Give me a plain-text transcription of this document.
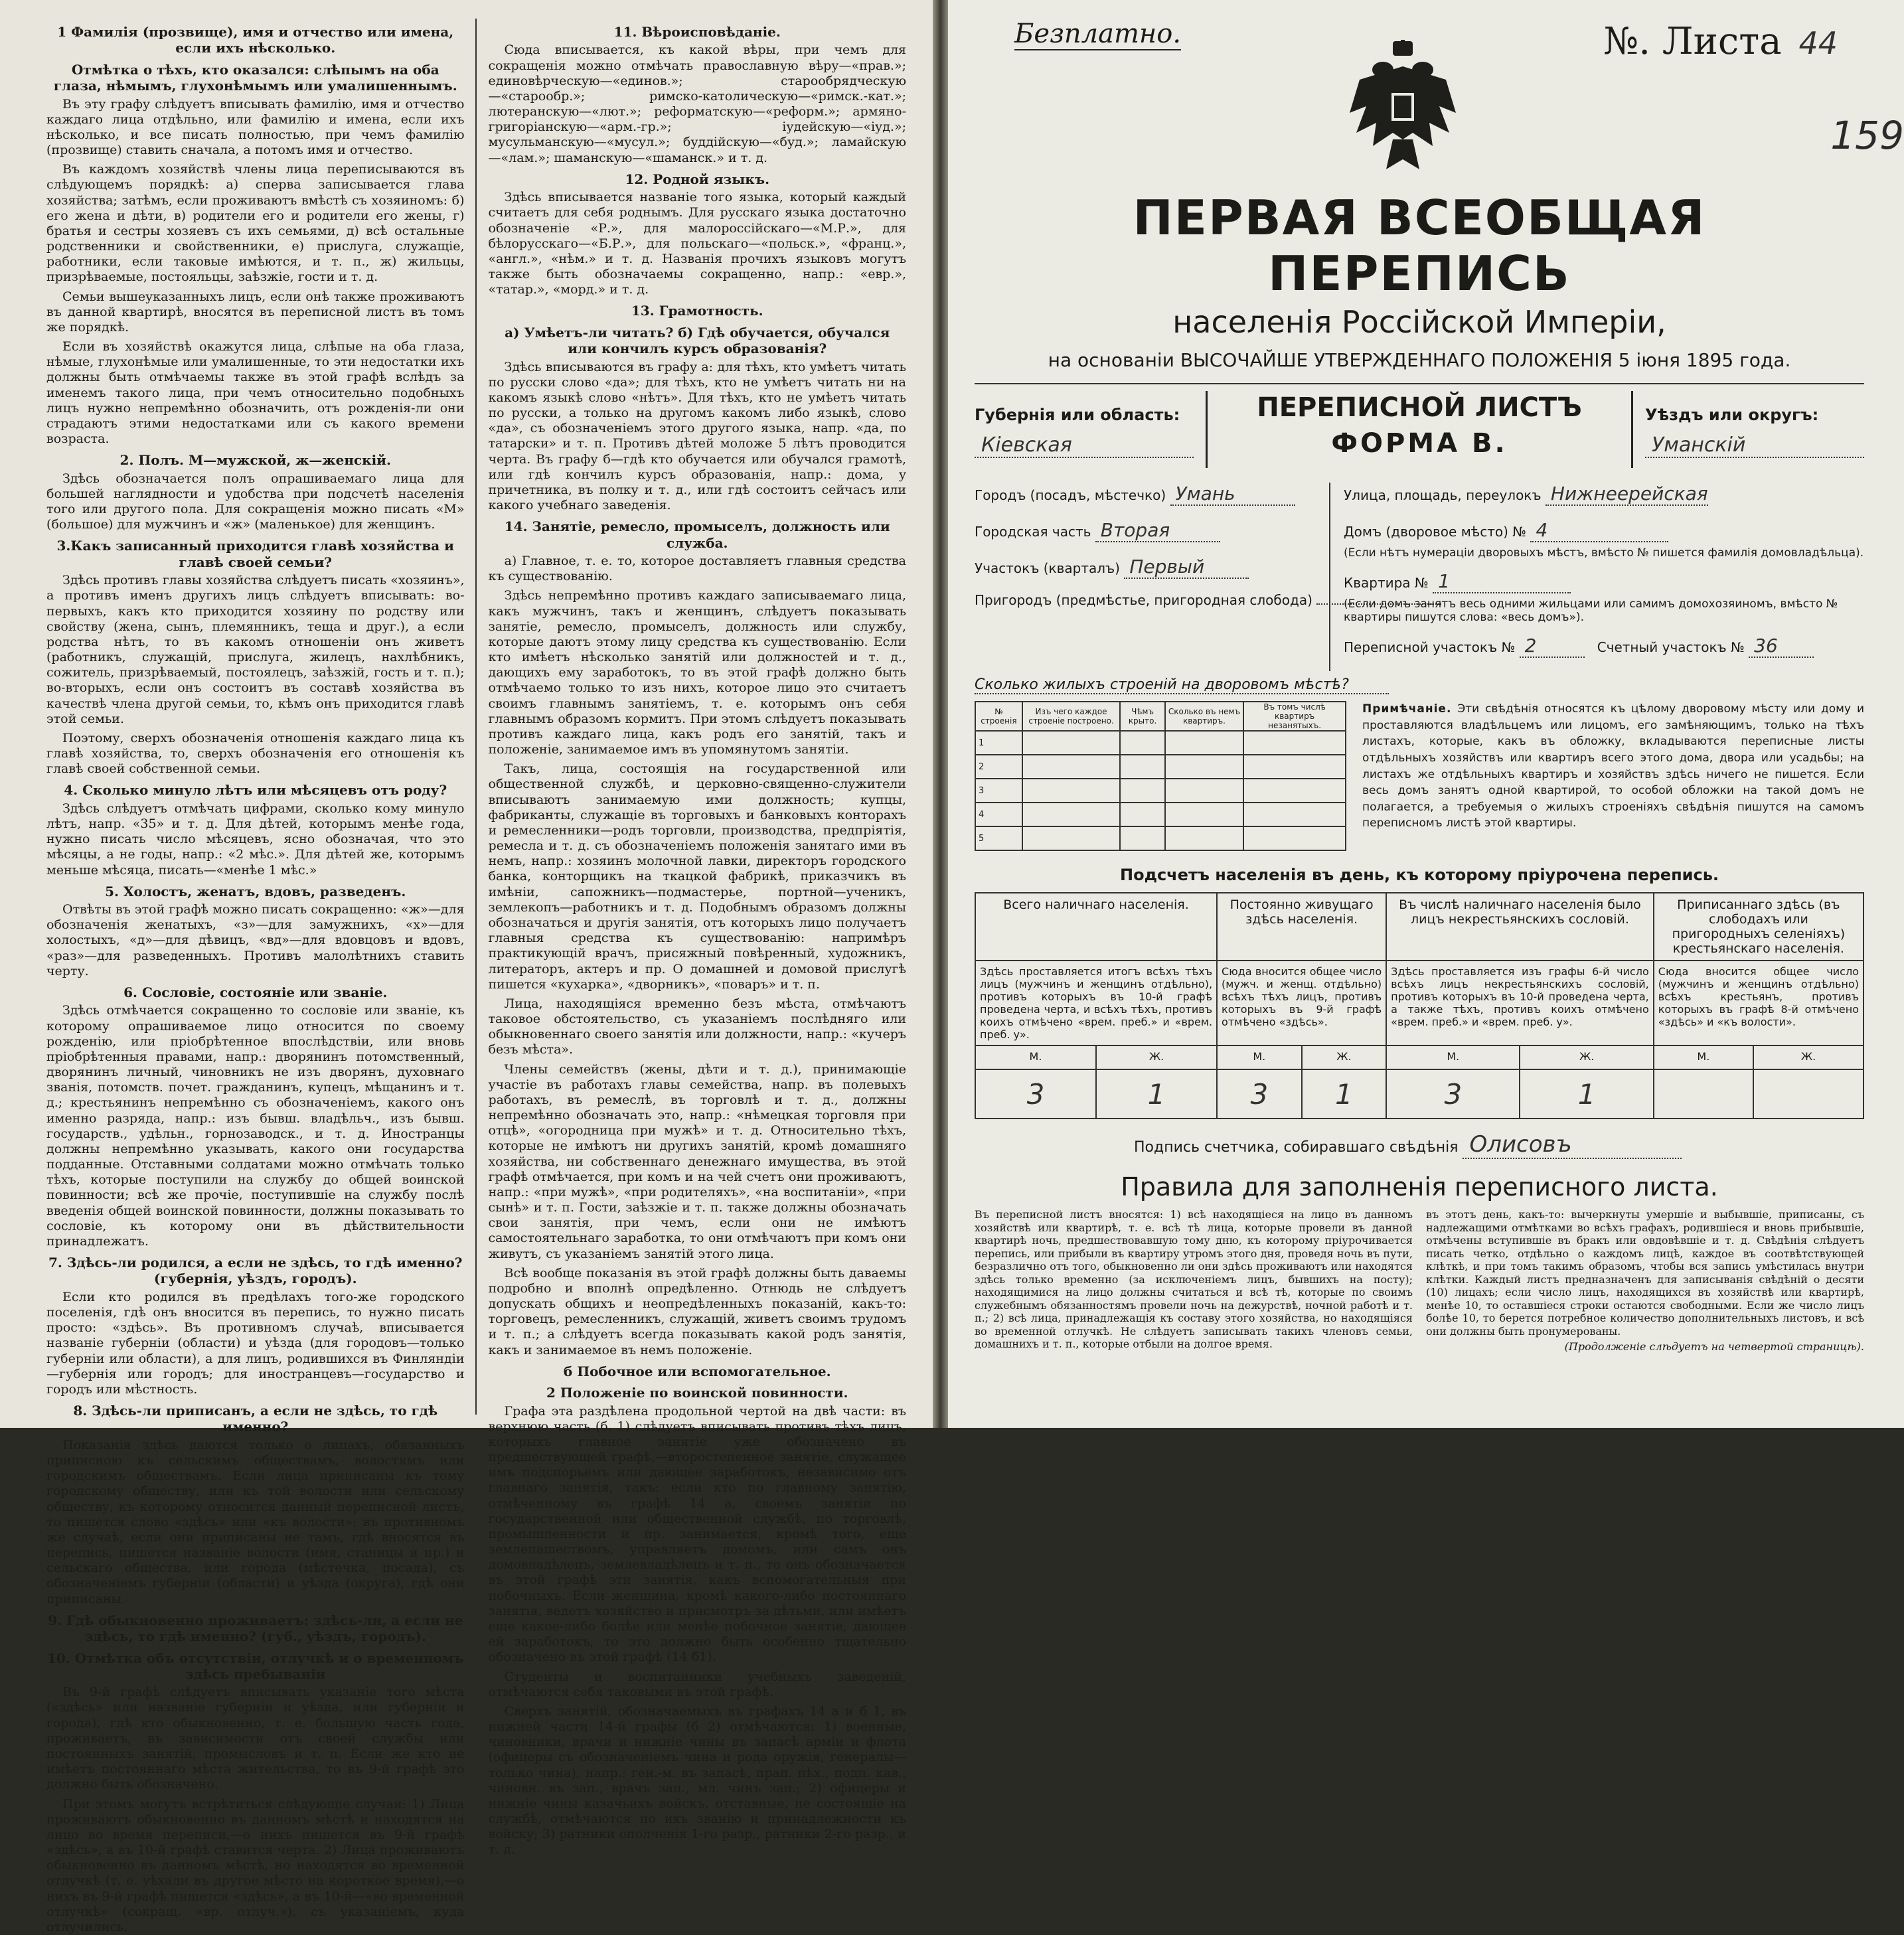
1 Фамилія (прозвище), имя и отчество или имена, если ихъ нѣсколько.
Отмѣтка о тѣхъ, кто оказался: слѣпымъ на оба глаза, нѣмымъ, глухонѣмымъ или умалишеннымъ.
Въ эту графу слѣдуетъ вписывать фамилію, имя и отчество каждаго лица отдѣльно, или фамилію и имена, если ихъ нѣсколько, и все писать полностью, при чемъ фамилію (прозвище) ставить сначала, а потомъ имя и отчество.
Въ каждомъ хозяйствѣ члены лица переписываются въ слѣдующемъ порядкѣ: а) сперва записывается глава хозяйства; затѣмъ, если проживаютъ вмѣстѣ съ хозяиномъ: б) его жена и дѣти, в) родители его и родители его жены, г) братья и сестры хозяевъ съ ихъ семьями, д) всѣ остальные родственники и свойственники, е) прислуга, служащіе, работники, если таковые имѣются, и т. п., ж) жильцы, призрѣваемые, постояльцы, заѣзжіе, гости и т. д.
Семьи вышеуказанныхъ лицъ, если онѣ также проживаютъ въ данной квартирѣ, вносятся въ переписной листъ въ томъ же порядкѣ.
Если въ хозяйствѣ окажутся лица, слѣпые на оба глаза, нѣмые, глухонѣмые или умалишенные, то эти недостатки ихъ должны быть отмѣчаемы также въ этой графѣ вслѣдъ за именемъ такого лица, при чемъ относительно подобныхъ лицъ нужно непремѣнно обозначить, отъ рожденія-ли они страдаютъ этими недостатками или съ какого времени возраста.
2. Полъ. М—мужской, ж—женскій.
Здѣсь обозначается полъ опрашиваемаго лица для большей наглядности и удобства при подсчетѣ населенія того или другого пола. Для сокращенія можно писать «М» (большое) для мужчинъ и «ж» (маленькое) для женщинъ.
3.Какъ записанный приходится главѣ хозяйства и главѣ своей семьи?
Здѣсь противъ главы хозяйства слѣдуетъ писать «хозяинъ», а противъ именъ другихъ лицъ слѣдуетъ вписывать: во-первыхъ, какъ кто приходится хозяину по родству или свойству (жена, сынъ, племянникъ, теща и друг.), а если родства нѣтъ, то въ какомъ отношеніи онъ живетъ (работникъ, служащій, прислуга, жилецъ, нахлѣбникъ, сожитель, призрѣваемый, постоялецъ, заѣзжій, гость и т. п.); во-вторыхъ, если онъ состоитъ въ составѣ хозяйства въ качествѣ члена другой семьи, то, кѣмъ онъ приходится главѣ этой семьи.
Поэтому, сверхъ обозначенія отношенія каждаго лица къ главѣ хозяйства, то, сверхъ обозначенія его отношенія къ главѣ своей собственной семьи.
4. Сколько минуло лѣтъ или мѣсяцевъ отъ роду?
Здѣсь слѣдуетъ отмѣчать цифрами, сколько кому минуло лѣтъ, напр. «35» и т. д. Для дѣтей, которымъ менѣе года, нужно писать число мѣсяцевъ, ясно обозначая, что это мѣсяцы, а не годы, напр.: «2 мѣс.». Для дѣтей же, которымъ меньше мѣсяца, писать—«менѣе 1 мѣс.»
5. Холостъ, женатъ, вдовъ, разведенъ.
Отвѣты въ этой графѣ можно писать сокращенно: «ж»—для обозначенія женатыхъ, «з»—для замужнихъ, «х»—для холостыхъ, «д»—для дѣвицъ, «вд»—для вдовцовъ и вдовъ, «раз»—для разведенныхъ. Противъ малолѣтнихъ ставить черту.
6. Сословіе, состояніе или званіе.
Здѣсь отмѣчается сокращенно то сословіе или званіе, къ которому опрашиваемое лицо относится по своему рожденію, или пріобрѣтенное впослѣдствіи, или вновь пріобрѣтенныя правами, напр.: дворянинъ потомственный, дворянинъ личный, чиновникъ не изъ дворянъ, духовнаго званія, потомств. почет. гражданинъ, купецъ, мѣщанинъ и т. д.; крестьянинъ непремѣнно съ обозначеніемъ, какого онъ именно разряда, напр.: изъ бывш. владѣльч., изъ бывш. государств., удѣльн., горнозаводск., и т. д. Иностранцы должны непремѣнно указывать, какого они государства подданные. Отставными солдатами можно отмѣчать только тѣхъ, которые поступили на службу до общей воинской повинности; всѣ же прочіе, поступившіе на службу послѣ введенія общей воинской повинности, должны показывать то сословіе, къ которому они въ дѣйствительности принадлежатъ.
7. Здѣсь-ли родился, а если не здѣсь, то гдѣ именно? (губернія, уѣздъ, городъ).
Если кто родился въ предѣлахъ того-же городского поселенія, гдѣ онъ вносится въ перепись, то нужно писать просто: «здѣсь». Въ противномъ случаѣ, вписывается названіе губерніи (области) и уѣзда (для городовъ—только губерніи или области), а для лицъ, родившихся въ Финляндіи—губернія или городъ; для иностранцевъ—государство и городъ или мѣстность.
8. Здѣсь-ли приписанъ, а если не здѣсь, то гдѣ именно?
Показанія здѣсь даются только о лицахъ, обязанныхъ приписною къ сельскимъ обществамъ, волостямъ или городскимъ обществамъ. Если лица приписаны къ тому городскому обществу, или къ той волости или сельскому обществу, къ которому относится данный переписной листъ, то пишется слово «здѣсь» или «къ волости»; въ противномъ же случаѣ, если они приписаны не тамъ, гдѣ вносятся въ перепись, пишется названіе волости (имя, станицы и пр.) и сельскаго общества, или города (мѣстечка, посада), съ обозначеніемъ губерніи (области) и уѣзда (округа), гдѣ они приписаны.
9. Гдѣ обыкновенно проживаетъ: здѣсь-ли, а если не здѣсь, то гдѣ именно? (губ., уѣздъ, городъ).
10. Отмѣтка объ отсутствіи, отлучкѣ и о временномъ здѣсь пребываніи
Въ 9-й графѣ слѣдуетъ вписывать указаніе того мѣста («здѣсь» или названіе губерніи и уѣзда, или губерніи и города), гдѣ кто обыкновенно, т. е. большую часть года, проживаетъ, въ зависимости отъ своей службы или постоянныхъ занятій, промысловъ и т. п. Если же кто не имѣетъ постояннаго мѣста жительства, то въ 9-й графѣ это должно быть обозначено.
При этомъ могутъ встрѣтиться слѣдующіе случаи: 1) Лица проживаютъ обыкновенно въ данномъ мѣстѣ и находятся на лицо во время переписи,—о нихъ пишется въ 9-й графѣ «здѣсь», а въ 10-й графѣ ставится черта. 2) Лица проживаютъ обыкновенно въ данномъ мѣстѣ, но находятся во временной отлучкѣ (т. е. уѣхали въ другое мѣсто на короткое время),—о нихъ въ 9-й графѣ пишется «здѣсь», а въ 10-й—«во временной отлучкѣ» (сокращ. «вр. отлуч.»), съ указаніемъ, куда отлучились.
11. Вѣроисповѣданіе.
Сюда вписывается, къ какой вѣры, при чемъ для сокращенія можно отмѣчать православную вѣру—«прав.»; единовѣрческую—«единов.»; старообрядческую—«старообр.»; римско-католическую—«римск.-кат.»; лютеранскую—«лют.»; реформатскую—«реформ.»; армяно-григоріанскую—«арм.-гр.»; іудейскую—«іуд.»; мусульманскую—«мусул.»; буддійскую—«буд.»; ламайскую—«лам.»; шаманскую—«шаманск.» и т. д.
12. Родной языкъ.
Здѣсь вписывается названіе того языка, который каждый считаетъ для себя роднымъ. Для русскаго языка достаточно обозначеніе «Р.», для малороссійскаго—«М.Р.», для бѣлорусскаго—«Б.Р.», для польскаго—«польск.», «франц.», «англ.», «нѣм.» и т. д. Названія прочихъ языковъ могутъ также быть обозначаемы сокращенно, напр.: «евр.», «татар.», «морд.» и т. д.
13. Грамотность.
а) Умѣетъ-ли читать? б) Гдѣ обучается, обучался или кончилъ курсъ образованія?
Здѣсь вписываются въ графу а: для тѣхъ, кто умѣетъ читать по русски слово «да»; для тѣхъ, кто не умѣетъ читать ни на какомъ языкѣ слово «нѣтъ». Для тѣхъ, кто не умѣетъ читать по русски, а только на другомъ какомъ либо языкѣ, слово «да», съ обозначеніемъ этого другого языка, напр. «да, по татарски» и т. п. Противъ дѣтей моложе 5 лѣтъ проводится черта. Въ графу б—гдѣ кто обучается или обучался грамотѣ, или гдѣ кончилъ курсъ образованія, напр.: дома, у причетника, въ полку и т. д., или гдѣ состоитъ сейчасъ или какого учебнаго заведенія.
14. Занятіе, ремесло, промыселъ, должность или служба.
а) Главное, т. е. то, которое доставляетъ главныя средства къ существованію.
Здѣсь непремѣнно противъ каждаго записываемаго лица, какъ мужчинъ, такъ и женщинъ, слѣдуетъ показывать занятіе, ремесло, промыселъ, должность или службу, которые даютъ этому лицу средства къ существованію. Если кто имѣетъ нѣсколько занятій или должностей и т. д., дающихъ ему заработокъ, то въ этой графѣ должно быть отмѣчаемо только то изъ нихъ, которое лицо это считаетъ своимъ главнымъ занятіемъ, т. е. которымъ онъ себя главнымъ образомъ кормитъ. При этомъ слѣдуетъ показывать противъ каждаго лица, какъ родъ его занятій, такъ и положеніе, занимаемое имъ въ упомянутомъ занятіи.
Такъ, лица, состоящія на государственной или общественной службѣ, и церковно-священно-служители вписываютъ занимаемую ими должность; купцы, фабриканты, служащіе въ торговыхъ и банковыхъ конторахъ и ремесленники—родъ торговли, производства, предпріятія, ремесла и т. д. съ обозначеніемъ положенія занятаго ими въ немъ, напр.: хозяинъ молочной лавки, директоръ городского банка, конторщикъ на ткацкой фабрикѣ, приказчикъ въ имѣніи, сапожникъ—подмастерье, портной—ученикъ, землекопъ—работникъ и т. д. Подобнымъ образомъ должны обозначаться и другія занятія, отъ которыхъ лицо получаетъ главныя средства къ существованію: напримѣръ практикующій врачъ, присяжный повѣренный, художникъ, литераторъ, актеръ и пр. О домашней и домовой прислугѣ пишется «кухарка», «дворникъ», «поваръ» и т. п.
Лица, находящіяся временно безъ мѣста, отмѣчаютъ таковое обстоятельство, съ указаніемъ послѣдняго или обыкновеннаго своего занятія или должности, напр.: «кучеръ безъ мѣста».
Члены семействъ (жены, дѣти и т. д.), принимающіе участіе въ работахъ главы семейства, напр. въ полевыхъ работахъ, въ ремеслѣ, въ торговлѣ и т. д., должны непремѣнно обозначать это, напр.: «нѣмецкая торговля при отцѣ», «огородница при мужѣ» и т. д. Относительно тѣхъ, которые не имѣютъ ни другихъ занятій, кромѣ домашняго хозяйства, ни собственнаго денежнаго имущества, въ этой графѣ отмѣчается, при комъ и на чей счетъ они проживаютъ, напр.: «при мужѣ», «при родителяхъ», «на воспитаніи», «при сынѣ» и т. п. Гости, заѣзжіе и т. п. также должны обозначать свои занятія, при чемъ, если они не имѣютъ самостоятельнаго заработка, то они отмѣчаютъ при комъ они живутъ, съ указаніемъ занятій этого лица.
Всѣ вообще показанія въ этой графѣ должны быть даваемы подробно и вполнѣ опредѣленно. Отнюдь не слѣдуетъ допускать общихъ и неопредѣленныхъ показаній, какъ-то: торговецъ, ремесленникъ, служащій, живетъ своимъ трудомъ и т. п.; а слѣдуетъ всегда показывать какой родъ занятія, какъ и занимаемое въ немъ положеніе.
б Побочное или вспомогательное.
2 Положеніе по воинской повинности.
Графа эта раздѣлена продольной чертой на двѣ части: въ верхнюю часть (б. 1) слѣдуетъ вписывать противъ тѣхъ лицъ, которыхъ главное занятіе уже обозначено въ предшествующей графѣ,—второстепенное занятіе, служащее имъ подспорьемъ или дающее заработокъ, независимо отъ главнаго занятія, такъ: если кто по главному занятію, отмѣченному въ графѣ 14 а, своемъ занятіи по государственной или общественной службѣ, по торговлѣ, промышленности и пр. занимается, кромѣ того, еще землепашествомъ, управляетъ домомъ, или самъ онъ домовладѣлецъ, землевладѣлецъ и т. п., то онъ обозначается въ этой графѣ эти занятія, какъ вспомогательныя при побочныхъ. Если женщина, кромѣ какого-либо постояннаго занятія, ведетъ хозяйство и присмотръ за дѣтьми, или имѣетъ еще какое-либо болѣе или менѣе побочное занятіе, дающее ей заработокъ, то это должно быть особенно тщательно обозначено въ этой графѣ (14 б1).
Студенты и воспитанники учебныхъ заведеній, отмѣчаются себя таковыми въ этой графѣ.
Сверхъ занятій, обозначаемыхъ въ графахъ 14 а и б 1, въ нижней части 14-й графы (б 2) отмѣчаются: 1) военные, чиновники, врачи и нижніе чины въ запасѣ арміи и флота (офицеры съ обозначеніемъ чина и рода оружія, генералы—только чина), напр.: ген.-м. въ запасѣ, прап. пѣх., подп. кав., чиновн. въ зап., врачъ зап., мл. чинъ зап.; 2) офицеры и нижніе чины казачьихъ войскъ, отставные, не состоящіе на службѣ, отмѣчаются по ихъ званію и принадлежности къ войску; 3) ратники ополченія 1-го разр., ратники 2-го разр., и т. д.
Безплатно.	№. Листа 44
159
ПЕРВАЯ ВСЕОБЩАЯ ПЕРЕПИСЬ
населенія Россійской Имперіи,
на основаніи ВЫСОЧАЙШЕ УТВЕРЖДЕННАГО ПОЛОЖЕНІЯ 5 іюня 1895 года.
Губернія или область:
Кіевская
ПЕРЕПИСНОЙ ЛИСТЪ
ФОРМА В.
Уѣздъ или округъ:
Уманскій
Городъ (посадъ, мѣстечко) Умань
Городская часть Вторая
Участокъ (кварталъ) Первый
Пригородъ (предмѣстье, пригородная слобода)
Улица, площадь, переулокъ Нижнеерейская
Домъ (дворовое мѣсто) № 4
(Если нѣтъ нумераціи дворовыхъ мѣстъ, вмѣсто № пишется фамилія домовладѣльца).
Квартира № 1
(Если домъ занятъ весь одними жильцами или самимъ домохозяиномъ, вмѣсто № квартиры пишутся слова: «весь домъ»).
Переписной участокъ № 2	Счетный участокъ № 36
Сколько жилыхъ строеній на дворовомъ мѣстѣ?
№ строенія	Изъ чего каждое строеніе построено.	Чѣмъ крыто.	Сколько въ немъ квартиръ.	Въ томъ числѣ квартиръ незанятыхъ.
1				
2				
3				
4				
5				
Примѣчаніе. Эти свѣдѣнія относятся къ цѣлому дворовому мѣсту или дому и проставляются владѣльцемъ или лицомъ, его замѣняющимъ, только на тѣхъ листахъ, которые, какъ въ обложку, вкладываются переписные листы отдѣльныхъ хозяйствъ или квартиръ всего этого дома, двора или усадьбы; на листахъ же отдѣльныхъ квартиръ и хозяйствъ здѣсь ничего не пишется. Если весь домъ занятъ одной квартирой, то особой обложки на такой домъ не полагается, а требуемыя о жилыхъ строеніяхъ свѣдѣнія пишутся на самомъ переписномъ листѣ этой квартиры.
Подсчетъ населенія въ день, къ которому пріурочена перепись.
Всего наличнаго населенія.		Постоянно живущаго здѣсь населенія.		Въ числѣ наличнаго населенія было лицъ некрестьянскихъ сословій.		Приписаннаго здѣсь (въ слободахъ или пригородныхъ селеніяхъ) крестьянскаго населенія.	
Здѣсь проставляется итогъ всѣхъ тѣхъ лицъ (мужчинъ и женщинъ отдѣльно), противъ которыхъ въ 10-й графѣ проведена черта, и всѣхъ тѣхъ, противъ коихъ отмѣчено «врем. преб.» и «врем. преб. у».		Сюда вносится общее число (мужч. и женщ. отдѣльно) всѣхъ тѣхъ лицъ, противъ которыхъ въ 9-й графѣ отмѣчено «здѣсь».		Здѣсь проставляется изъ графы 6-й число всѣхъ лицъ некрестьянскихъ сословій, противъ которыхъ въ 10-й проведена черта, а также тѣхъ, противъ коихъ отмѣчено «врем. преб.» и «врем. преб. у».		Сюда вносится общее число (мужчинъ и женщинъ отдѣльно) всѣхъ крестьянъ, противъ которыхъ въ графѣ 8-й отмѣчено «здѣсь» и «къ волости».	
М.	Ж.	М.	Ж.	М.	Ж.	М.	Ж.
3	1	3	1	3	1		
Подпись счетчика, собиравшаго свѣдѣнія Олисовъ
Правила для заполненія переписного листа.
Въ переписной листъ вносятся: 1) всѣ находящіеся на лицо въ данномъ хозяйствѣ или квартирѣ, т. е. всѣ тѣ лица, которые провели въ данной квартирѣ ночь, предшествовавшую тому дню, къ которому пріурочивается перепись, или прибыли въ квартиру утромъ этого дня, проведя ночь въ пути, безразлично отъ того, обыкновенно ли они здѣсь проживаютъ или находятся здѣсь только временно (за исключеніемъ лицъ, бывшихъ на посту); находящимися на лицо должны считаться и всѣ тѣ, которые по своимъ служебнымъ обязанностямъ провели ночь на дежурствѣ, ночной работѣ и т. п.; 2) всѣ лица, принадлежащія къ составу этого хозяйства, но находящіяся во временной отлучкѣ. Не слѣдуетъ записывать такихъ членовъ семьи, домашнихъ и т. п., которые отбыли на долгое время.
въ этотъ день, какъ-то: вычеркнуты умершіе и выбывшіе, приписаны, съ надлежащими отмѣтками во всѣхъ графахъ, родившіеся и вновь прибывшіе, отмѣчены вступившіе въ бракъ или овдовѣвшіе и т. д. Свѣдѣнія слѣдуетъ писать четко, отдѣльно о каждомъ лицѣ, каждое въ соотвѣтствующей клѣткѣ, и при томъ такимъ образомъ, чтобы вся запись умѣстилась внутри клѣтки. Каждый листъ предназначенъ для записыванія свѣдѣній о десяти (10) лицахъ; если число лицъ, находящихся въ хозяйствѣ или квартирѣ, менѣе 10, то оставшіеся строки остаются свободными. Если же число лицъ болѣе 10, то берется потребное количество дополнительныхъ листовъ, и всѣ они должны быть пронумерованы.
(Продолженіе слѣдуетъ на четвертой страницѣ).
